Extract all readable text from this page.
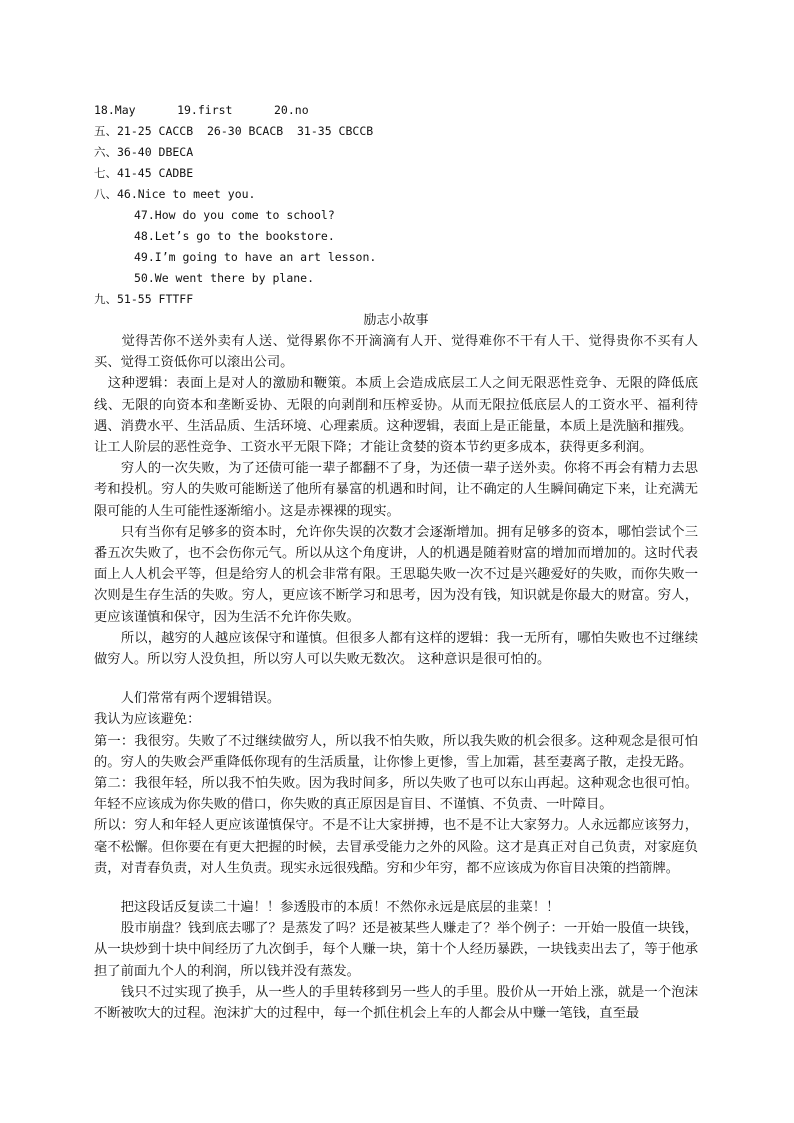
18.May      19.first      20.no
五、21-25 CACCB  26-30 BCACB  31-35 CBCCB
六、36-40 DBECA
七、41-45 CADBE
八、46.Nice to meet you.
47.How do you come to school?
48.Let’s go to the bookstore.
49.I’m going to have an art lesson.
50.We went there by plane.
九、51-55 FTTFF
励志小故事

　　觉得苦你不送外卖有人送、觉得累你不开滴滴有人开、觉得难你不干有人干、觉得贵你不买有人买、觉得工资低你可以滚出公司。

　这种逻辑：表面上是对人的激励和鞭策。本质上会造成底层工人之间无限恶性竞争、无限的降低底线、无限的向资本和垄断妥协、无限的向剥削和压榨妥协。从而无限拉低底层人的工资水平、福利待遇、消费水平、生活品质、生活环境、心理素质。这种逻辑，表面上是正能量，本质上是洗脑和摧残。

让工人阶层的恶性竞争、工资水平无限下降；才能让贪婪的资本节约更多成本，获得更多利润。

　　穷人的一次失败，为了还债可能一辈子都翻不了身，为还债一辈子送外卖。你将不再会有精力去思考和投机。穷人的失败可能断送了他所有暴富的机遇和时间，让不确定的人生瞬间确定下来，让充满无限可能的人生可能性逐渐缩小。这是赤裸裸的现实。

　　只有当你有足够多的资本时，允许你失误的次数才会逐渐增加。拥有足够多的资本，哪怕尝试个三番五次失败了，也不会伤你元气。所以从这个角度讲，人的机遇是随着财富的增加而增加的。这时代表面上人人机会平等，但是给穷人的机会非常有限。王思聪失败一次不过是兴趣爱好的失败，而你失败一次则是生存生活的失败。穷人，更应该不断学习和思考，因为没有钱，知识就是你最大的财富。穷人，更应该谨慎和保守，因为生活不允许你失败。

　　所以，越穷的人越应该保守和谨慎。但很多人都有这样的逻辑：我一无所有，哪怕失败也不过继续做穷人。所以穷人没负担，所以穷人可以失败无数次。 这种意识是很可怕的。

　　人们常常有两个逻辑错误。

我认为应该避免：

第一：我很穷。失败了不过继续做穷人，所以我不怕失败，所以我失败的机会很多。这种观念是很可怕的。穷人的失败会严重降低你现有的生活质量，让你惨上更惨，雪上加霜，甚至妻离子散，走投无路。

第二：我很年轻，所以我不怕失败。因为我时间多，所以失败了也可以东山再起。这种观念也很可怕。年轻不应该成为你失败的借口，你失败的真正原因是盲目、不谨慎、不负责、一叶障目。

所以：穷人和年轻人更应该谨慎保守。不是不让大家拼搏，也不是不让大家努力。人永远都应该努力，毫不松懈。但你要在有更大把握的时候，去冒承受能力之外的风险。这才是真正对自己负责，对家庭负责，对青春负责，对人生负责。现实永远很残酷。穷和少年穷，都不应该成为你盲目决策的挡箭牌。

　　把这段话反复读二十遍！！参透股市的本质！不然你永远是底层的韭菜！！

　　股市崩盘？钱到底去哪了？是蒸发了吗？还是被某些人赚走了？举个例子：一开始一股值一块钱，从一块炒到十块中间经历了九次倒手，每个人赚一块，第十个人经历暴跌，一块钱卖出去了，等于他承担了前面九个人的利润，所以钱并没有蒸发。

　　钱只不过实现了换手，从一些人的手里转移到另一些人的手里。股价从一开始上涨，就是一个泡沫不断被吹大的过程。泡沫扩大的过程中，每一个抓住机会上车的人都会从中赚一笔钱，直至最
